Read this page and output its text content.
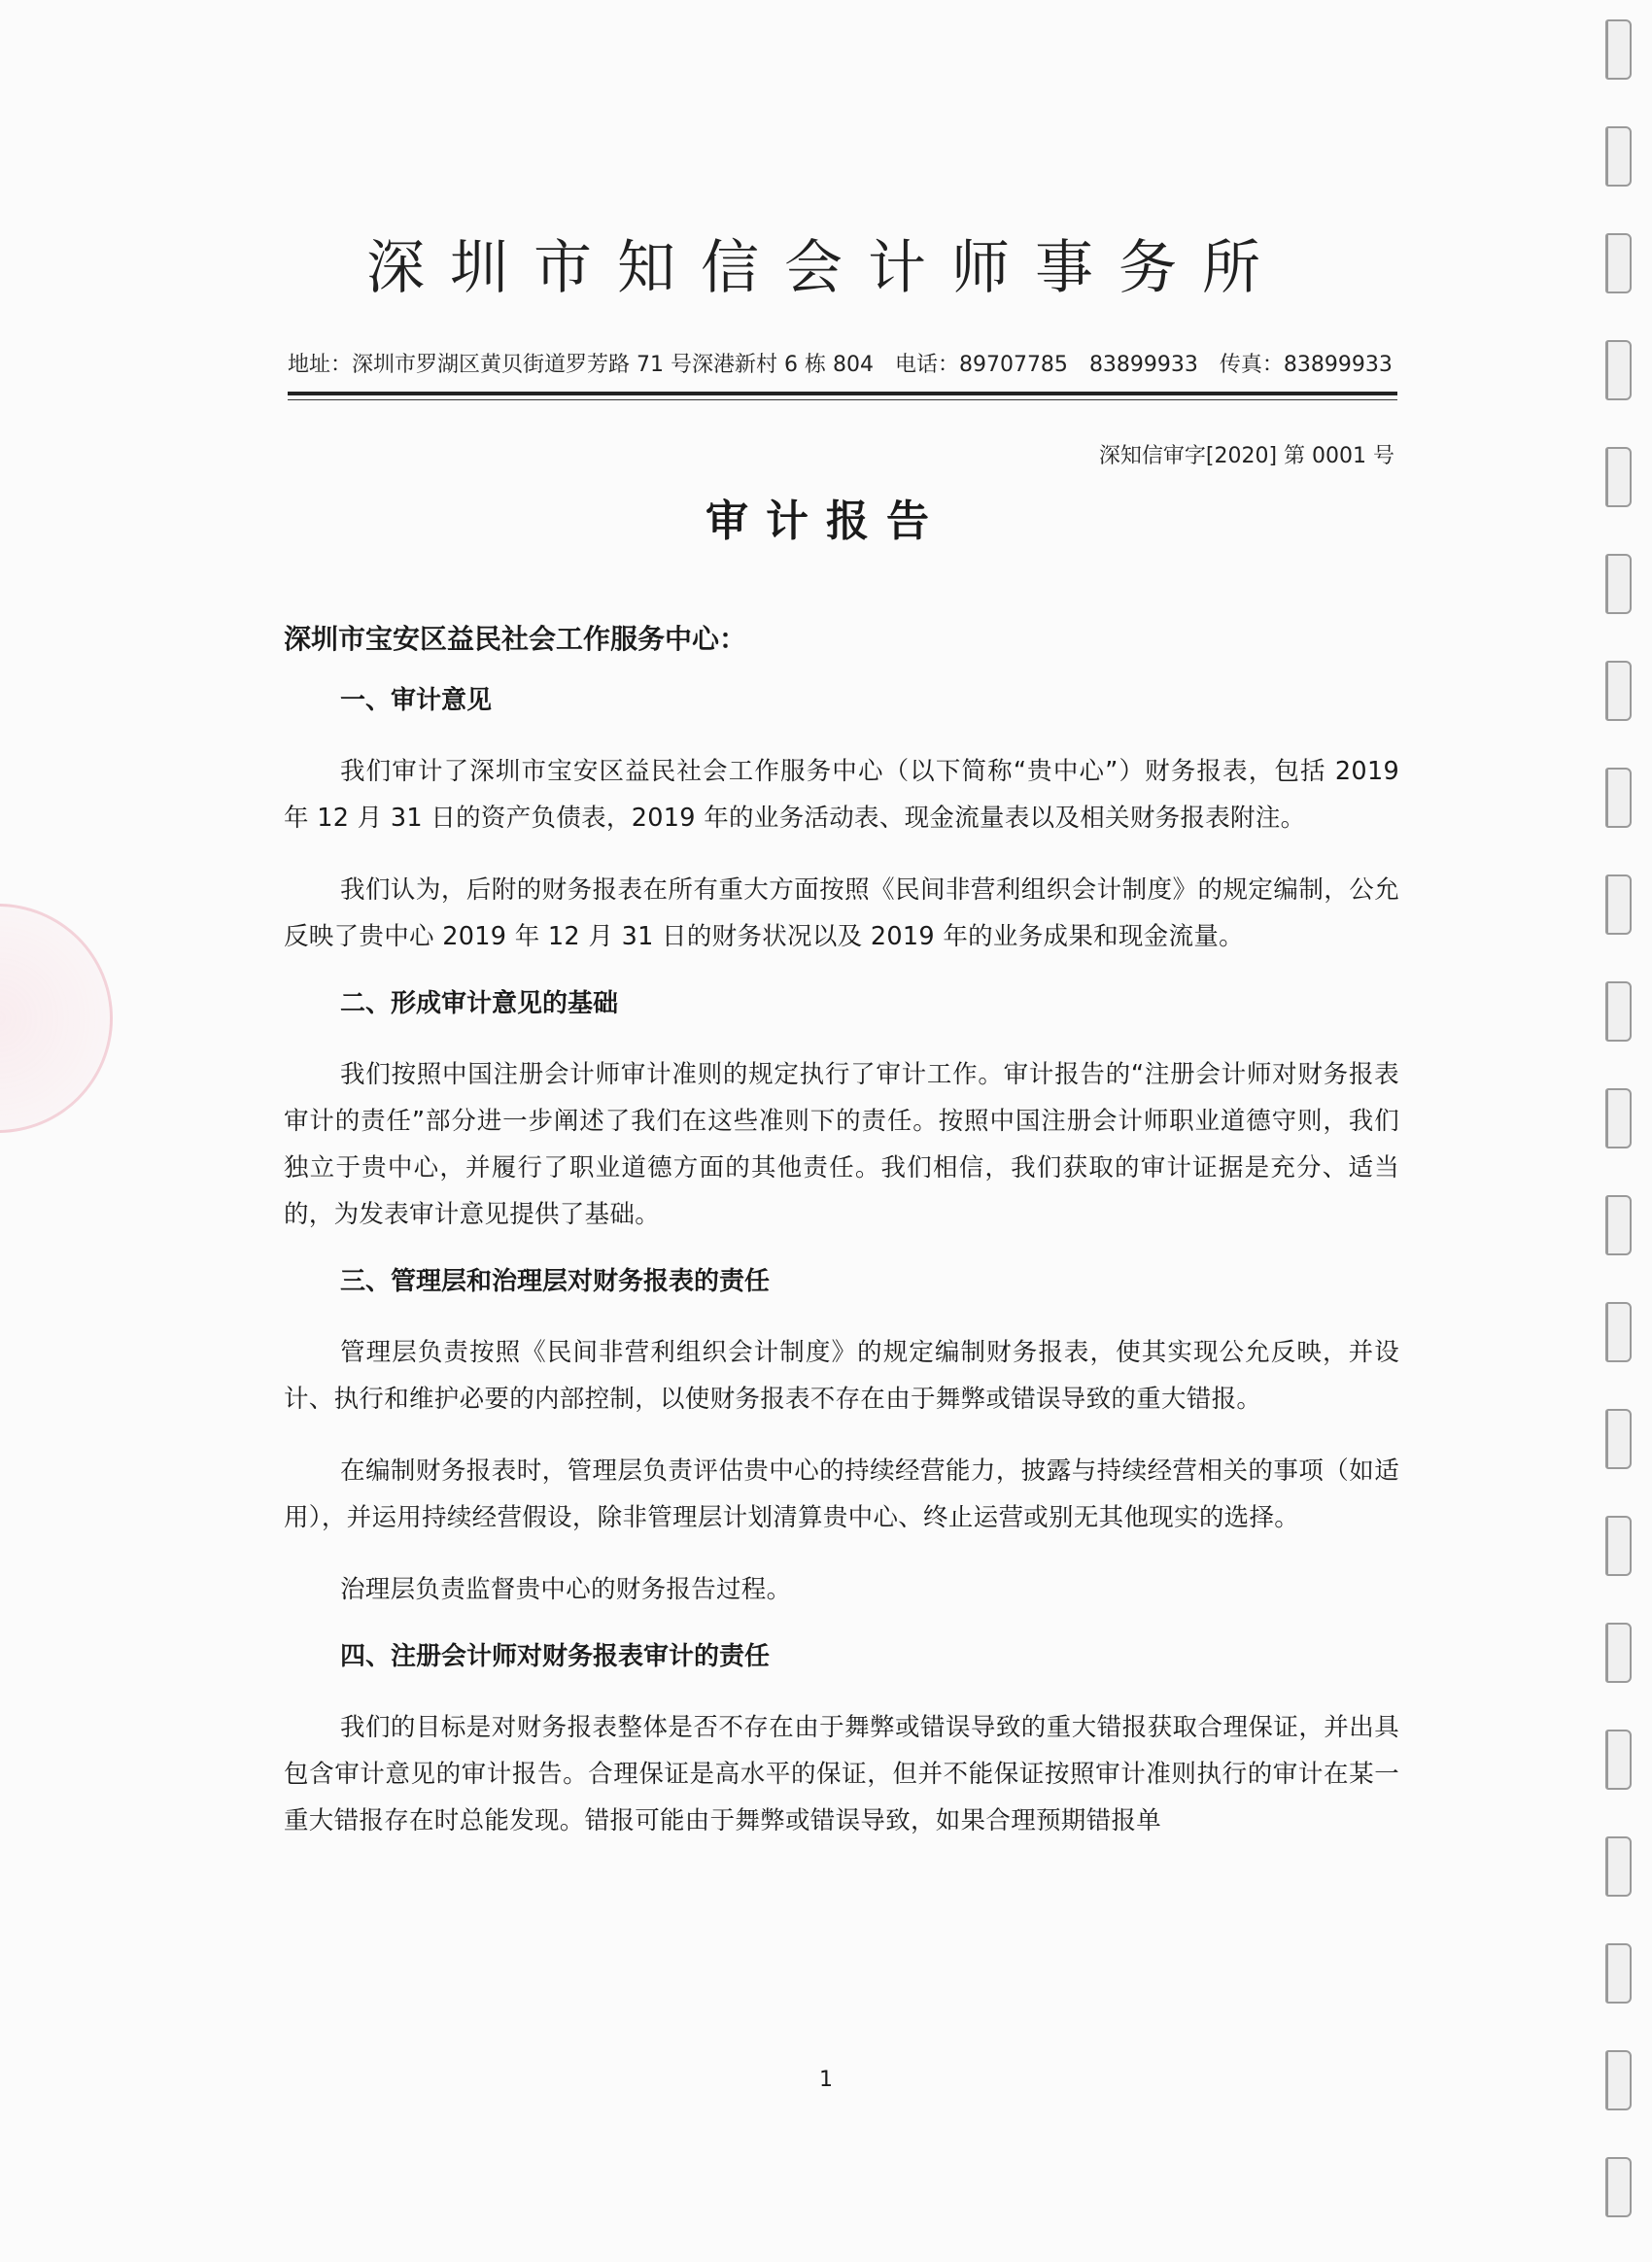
深圳市知信会计师事务所
地址：深圳市罗湖区黄贝街道罗芳路 71 号深港新村 6 栋 804 电话：89707785 83899933 传真：83899933
深知信审字[2020] 第 0001 号
审计报告
深圳市宝安区益民社会工作服务中心：
一、审计意见

我们审计了深圳市宝安区益民社会工作服务中心（以下简称“贵中心”）财务报表，包括 2019 年 12 月 31 日的资产负债表，2019 年的业务活动表、现金流量表以及相关财务报表附注。

我们认为，后附的财务报表在所有重大方面按照《民间非营利组织会计制度》的规定编制，公允反映了贵中心 2019 年 12 月 31 日的财务状况以及 2019 年的业务成果和现金流量。

二、形成审计意见的基础

我们按照中国注册会计师审计准则的规定执行了审计工作。审计报告的“注册会计师对财务报表审计的责任”部分进一步阐述了我们在这些准则下的责任。按照中国注册会计师职业道德守则，我们独立于贵中心，并履行了职业道德方面的其他责任。我们相信，我们获取的审计证据是充分、适当的，为发表审计意见提供了基础。

三、管理层和治理层对财务报表的责任

管理层负责按照《民间非营利组织会计制度》的规定编制财务报表，使其实现公允反映，并设计、执行和维护必要的内部控制，以使财务报表不存在由于舞弊或错误导致的重大错报。

在编制财务报表时，管理层负责评估贵中心的持续经营能力，披露与持续经营相关的事项（如适用），并运用持续经营假设，除非管理层计划清算贵中心、终止运营或别无其他现实的选择。

治理层负责监督贵中心的财务报告过程。

四、注册会计师对财务报表审计的责任

我们的目标是对财务报表整体是否不存在由于舞弊或错误导致的重大错报获取合理保证，并出具包含审计意见的审计报告。合理保证是高水平的保证，但并不能保证按照审计准则执行的审计在某一重大错报存在时总能发现。错报可能由于舞弊或错误导致，如果合理预期错报单

1
